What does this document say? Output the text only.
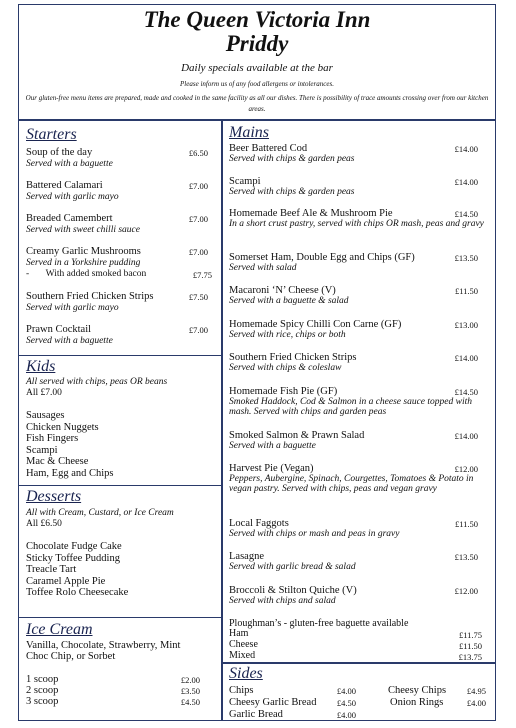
The Queen Victoria Inn
Priddy
Daily specials available at the bar
Please inform us of any food allergens or intolerances.
Our gluten-free menu items are prepared, made and cooked in the same facility as all our dishes. There is possibility of trace amounts crossing over from our kitchen areas.
Starters
Soup of the day	£6.50
Served with a baguette
Battered Calamari	£7.00
Served with garlic mayo
Breaded Camembert	£7.00
Served with sweet chilli sauce
Creamy Garlic Mushrooms	£7.00
Served in a Yorkshire pudding
-       With added smoked bacon	£7.75
Southern Fried Chicken Strips	£7.50
Served with garlic mayo
Prawn Cocktail	£7.00
Served with a baguette
Kids
All served with chips, peas OR beans
All £7.00
Sausages
Chicken Nuggets
Fish Fingers
Scampi
Mac & Cheese
Ham, Egg and Chips
Desserts
All with Cream, Custard, or Ice Cream
All £6.50
Chocolate Fudge Cake
Sticky Toffee Pudding
Treacle Tart
Caramel Apple Pie
Toffee Rolo Cheesecake
Ice Cream
Vanilla, Chocolate, Strawberry, Mint
Choc Chip, or Sorbet
1 scoop	£2.00
2 scoop	£3.50
3 scoop	£4.50
Mains
Beer Battered Cod	£14.00
Served with chips & garden peas
Scampi	£14.00
Served with chips & garden peas
Homemade Beef Ale & Mushroom Pie	£14.50
In a short crust pastry, served with chips OR mash, peas and gravy
Somerset Ham, Double Egg and Chips (GF)	£13.50
Served with salad
Macaroni ‘N’ Cheese (V)	£11.50
Served with a baguette & salad
Homemade Spicy Chilli Con Carne (GF)	£13.00
Served with rice, chips or both
Southern Fried Chicken Strips	£14.00
Served with chips & coleslaw
Homemade Fish Pie (GF)	£14.50
Smoked Haddock, Cod & Salmon in a cheese sauce topped with mash. Served with chips and garden peas
Smoked Salmon & Prawn Salad	£14.00
Served with a baguette
Harvest Pie (Vegan)	£12.00
Peppers, Aubergine, Spinach, Courgettes, Tomatoes & Potato in vegan pastry. Served with chips, peas and vegan gravy
Local Faggots	£11.50
Served with chips or mash and peas in gravy
Lasagne	£13.50
Served with garlic bread & salad
Broccoli & Stilton Quiche (V)	£12.00
Served with chips and salad
Ploughman’s - gluten-free baguette available
Ham	£11.75
Cheese	£11.50
Mixed	£13.75
Sides
Chips	£4.00
Cheesy Garlic Bread	£4.50
Garlic Bread	£4.00
Cheesy Chips	£4.95
Onion Rings	£4.00
